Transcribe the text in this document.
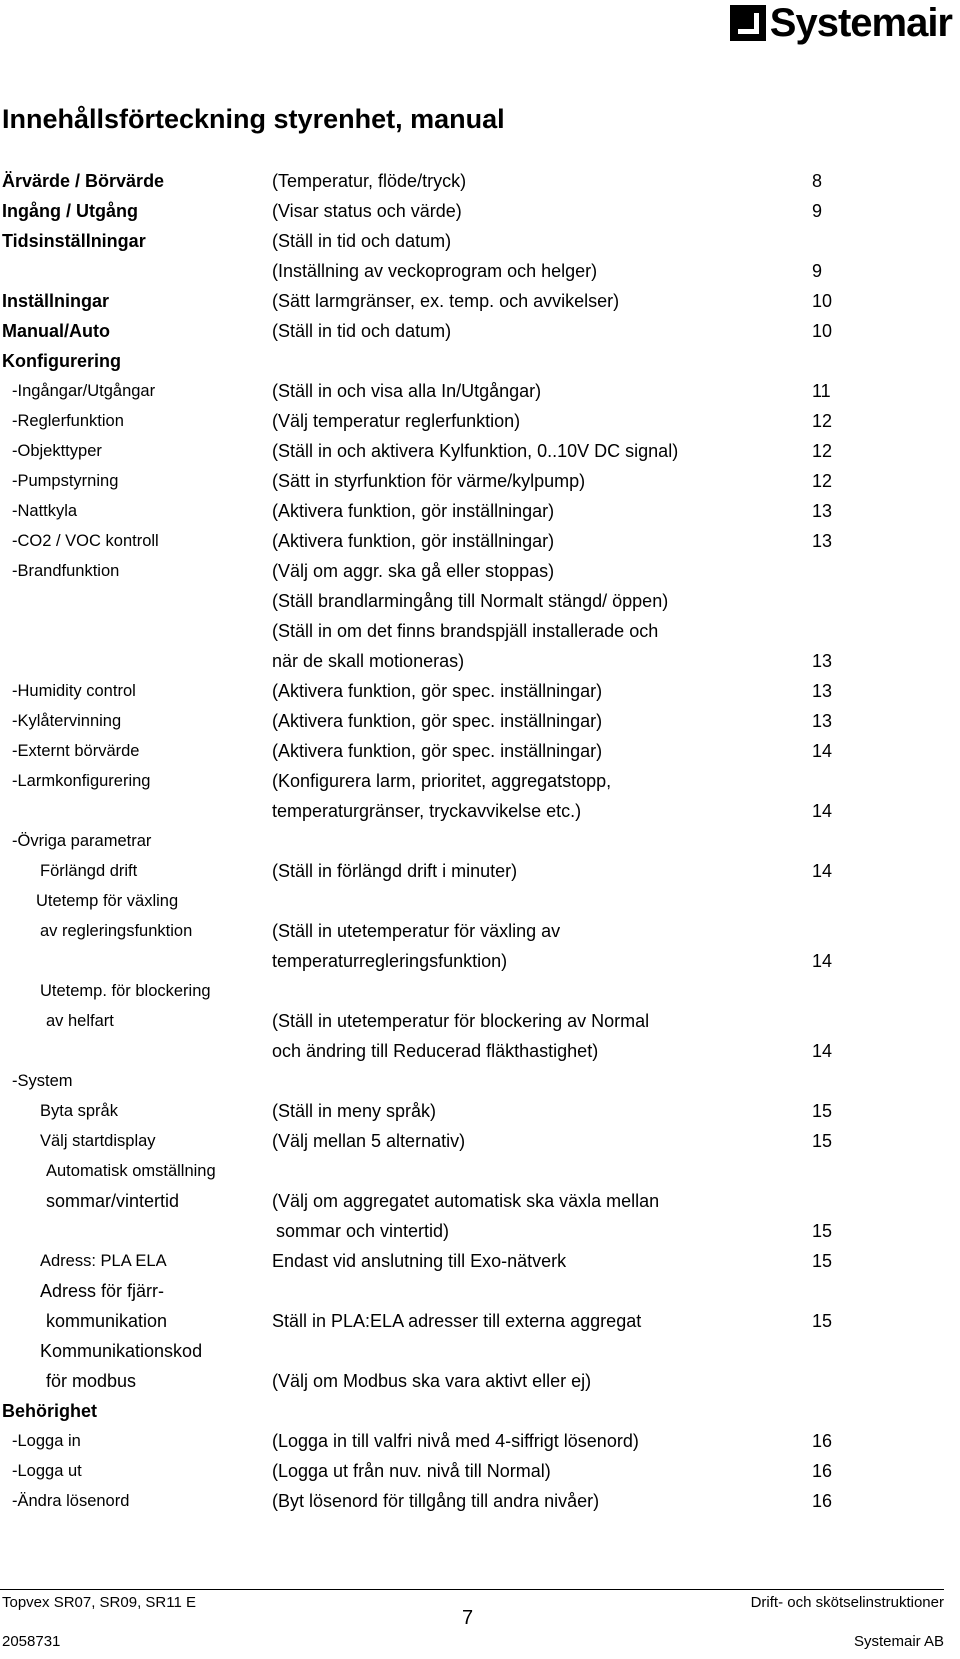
Systemair
Innehållsförteckning styrenhet, manual
Ärvärde / Börvärde	(Temperatur, flöde/tryck)	8
Ingång / Utgång	(Visar status och värde)	9
Tidsinställningar	(Ställ in tid och datum)
(Inställning av veckoprogram och helger)	9
Inställningar	(Sätt larmgränser, ex. temp. och avvikelser)	10
Manual/Auto	(Ställ in tid och datum)	10
Konfigurering
-Ingångar/Utgångar	(Ställ in och visa alla In/Utgångar)	11
-Reglerfunktion	(Välj temperatur reglerfunktion)	12
-Objekttyper	(Ställ in och aktivera Kylfunktion, 0..10V DC signal)	12
-Pumpstyrning	(Sätt in styrfunktion för värme/kylpump)	12
-Nattkyla	(Aktivera funktion, gör inställningar)	13
-CO2 / VOC kontroll	(Aktivera funktion, gör inställningar)	13
-Brandfunktion	(Välj om aggr. ska gå eller stoppas)
(Ställ brandlarmingång till Normalt stängd/ öppen)
(Ställ in om det finns brandspjäll installerade och
när de skall motioneras)	13
-Humidity control	(Aktivera funktion, gör spec. inställningar)	13
-Kylåtervinning	(Aktivera funktion, gör spec. inställningar)	13
-Externt börvärde	(Aktivera funktion, gör spec. inställningar)	14
-Larmkonfigurering	(Konfigurera larm, prioritet, aggregatstopp,
temperaturgränser, tryckavvikelse etc.)	14
-Övriga parametrar
Förlängd drift	(Ställ in förlängd drift i minuter)	14
Utetemp för växling
av regleringsfunktion	(Ställ in utetemperatur för växling av
temperaturregleringsfunktion)	14
Utetemp. för blockering
av helfart	(Ställ in utetemperatur för blockering av Normal
och ändring till Reducerad fläkthastighet)	14
-System
Byta språk	(Ställ in meny språk)	15
Välj startdisplay	(Välj mellan 5 alternativ)	15
Automatisk omställning
sommar/vintertid	(Välj om aggregatet automatisk ska växla mellan
sommar och vintertid)	15
Adress: PLA ELA	Endast vid anslutning till Exo-nätverk	15
Adress för fjärr-
kommunikation	Ställ in PLA:ELA adresser till externa aggregat	15
Kommunikationskod
för modbus	(Välj om Modbus ska vara aktivt eller ej)
Behörighet
-Logga in	(Logga in till valfri nivå med 4-siffrigt lösenord)	16
-Logga ut	(Logga ut från nuv. nivå till Normal)	16
-Ändra lösenord	(Byt lösenord för tillgång till andra nivåer)	16
Topvex SR07, SR09, SR11 E	Drift- och skötselinstruktioner
7
2058731	Systemair AB
